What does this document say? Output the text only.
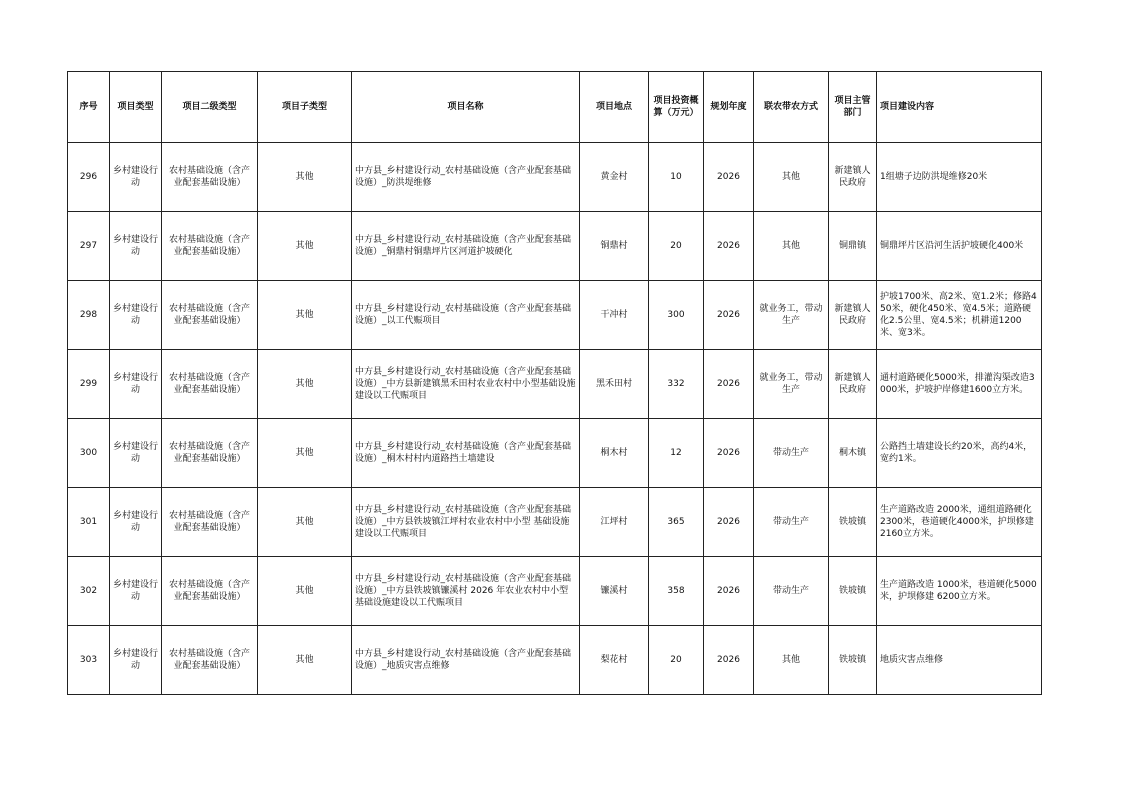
序号	项目类型	项目二级类型	项目子类型	项目名称	项目地点	项目投资概算（万元）	规划年度	联农带农方式	项目主管部门	项目建设内容
296	乡村建设行动	农村基础设施（含产业配套基础设施）	其他	中方县_乡村建设行动_农村基础设施（含产业配套基础设施）_防洪堤维修	黄金村	10	2026	其他	新建镇人民政府	1组塘子边防洪堤维修20米
297	乡村建设行动	农村基础设施（含产业配套基础设施）	其他	中方县_乡村建设行动_农村基础设施（含产业配套基础设施）_铜鼎村铜鼎坪片区河道护坡硬化	铜鼎村	20	2026	其他	铜鼎镇	铜鼎坪片区沿河生活护坡硬化400米
298	乡村建设行动	农村基础设施（含产业配套基础设施）	其他	中方县_乡村建设行动_农村基础设施（含产业配套基础设施）_以工代赈项目	干冲村	300	2026	就业务工，带动生产	新建镇人民政府	护坡1700米、高2米、宽1.2米；修路450米，硬化450米、宽4.5米；道路硬化2.5公里、宽4.5米；机耕道1200米、宽3米。
299	乡村建设行动	农村基础设施（含产业配套基础设施）	其他	中方县_乡村建设行动_农村基础设施（含产业配套基础设施）_中方县新建镇黑禾田村农业农村中小型基础设施建设以工代赈项目	黑禾田村	332	2026	就业务工，带动生产	新建镇人民政府	通村道路硬化5000米，排灌沟渠改造3000米，护坡护岸修建1600立方米。
300	乡村建设行动	农村基础设施（含产业配套基础设施）	其他	中方县_乡村建设行动_农村基础设施（含产业配套基础设施）_桐木村村内道路挡土墙建设	桐木村	12	2026	带动生产	桐木镇	公路挡土墙建设长约20米，高约4米，宽约1米。
301	乡村建设行动	农村基础设施（含产业配套基础设施）	其他	中方县_乡村建设行动_农村基础设施（含产业配套基础设施）_中方县铁坡镇江坪村农业农村中小型 基础设施建设以工代赈项目	江坪村	365	2026	带动生产	铁坡镇	生产道路改造 2000米，通组道路硬化 2300米，巷道硬化4000米，护坝修建 2160立方米。
302	乡村建设行动	农村基础设施（含产业配套基础设施）	其他	中方县_乡村建设行动_农村基础设施（含产业配套基础设施）_中方县铁坡镇镰溪村 2026 年农业农村中小型基础设施建设以工代赈项目	镰溪村	358	2026	带动生产	铁坡镇	生产道路改造 1000米，巷道硬化5000米，护坝修建 6200立方米。
303	乡村建设行动	农村基础设施（含产业配套基础设施）	其他	中方县_乡村建设行动_农村基础设施（含产业配套基础设施）_地质灾害点维修	梨花村	20	2026	其他	铁坡镇	地质灾害点维修
